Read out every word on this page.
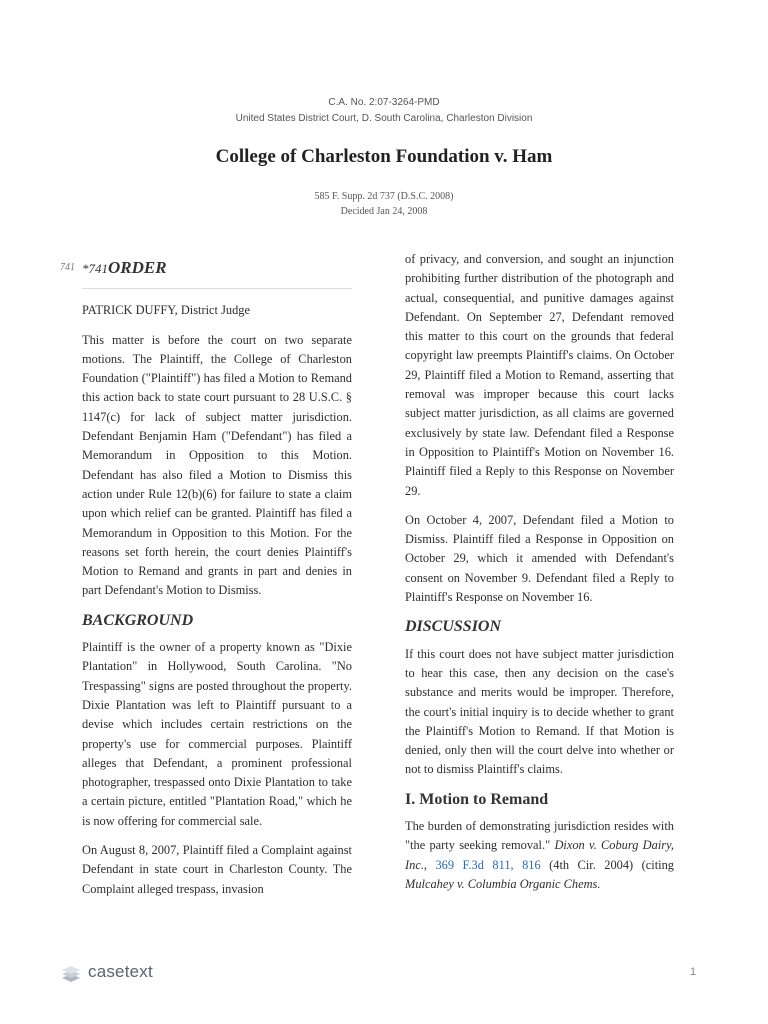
C.A. No. 2:07-3264-PMD
United States District Court, D. South Carolina, Charleston Division
College of Charleston Foundation v. Ham
585 F. Supp. 2d 737 (D.S.C. 2008)
Decided Jan 24, 2008
741 *741ORDER

PATRICK DUFFY, District Judge

This matter is before the court on two separate motions. The Plaintiff, the College of Charleston Foundation ("Plaintiff") has filed a Motion to Remand this action back to state court pursuant to 28 U.S.C. § 1147(c) for lack of subject matter jurisdiction. Defendant Benjamin Ham ("Defendant") has filed a Memorandum in Opposition to this Motion. Defendant has also filed a Motion to Dismiss this action under Rule 12(b)(6) for failure to state a claim upon which relief can be granted. Plaintiff has filed a Memorandum in Opposition to this Motion. For the reasons set forth herein, the court denies Plaintiff's Motion to Remand and grants in part and denies in part Defendant's Motion to Dismiss.

BACKGROUND

Plaintiff is the owner of a property known as "Dixie Plantation" in Hollywood, South Carolina. "No Trespassing" signs are posted throughout the property. Dixie Plantation was left to Plaintiff pursuant to a devise which includes certain restrictions on the property's use for commercial purposes. Plaintiff alleges that Defendant, a prominent professional photographer, trespassed onto Dixie Plantation to take a certain picture, entitled "Plantation Road," which he is now offering for commercial sale.

On August 8, 2007, Plaintiff filed a Complaint against Defendant in state court in Charleston County. The Complaint alleged trespass, invasion

of privacy, and conversion, and sought an injunction prohibiting further distribution of the photograph and actual, consequential, and punitive damages against Defendant. On September 27, Defendant removed this matter to this court on the grounds that federal copyright law preempts Plaintiff's claims. On October 29, Plaintiff filed a Motion to Remand, asserting that removal was improper because this court lacks subject matter jurisdiction, as all claims are governed exclusively by state law. Defendant filed a Response in Opposition to Plaintiff's Motion on November 16. Plaintiff filed a Reply to this Response on November 29.

On October 4, 2007, Defendant filed a Motion to Dismiss. Plaintiff filed a Response in Opposition on October 29, which it amended with Defendant's consent on November 9. Defendant filed a Reply to Plaintiff's Response on November 16.

DISCUSSION

If this court does not have subject matter jurisdiction to hear this case, then any decision on the case's substance and merits would be improper. Therefore, the court's initial inquiry is to decide whether to grant the Plaintiff's Motion to Remand. If that Motion is denied, only then will the court delve into whether or not to dismiss Plaintiff's claims.

I. Motion to Remand

The burden of demonstrating jurisdiction resides with "the party seeking removal." Dixon v. Coburg Dairy, Inc., 369 F.3d 811, 816 (4th Cir. 2004) (citing Mulcahey v. Columbia Organic Chems.

casetext	1
